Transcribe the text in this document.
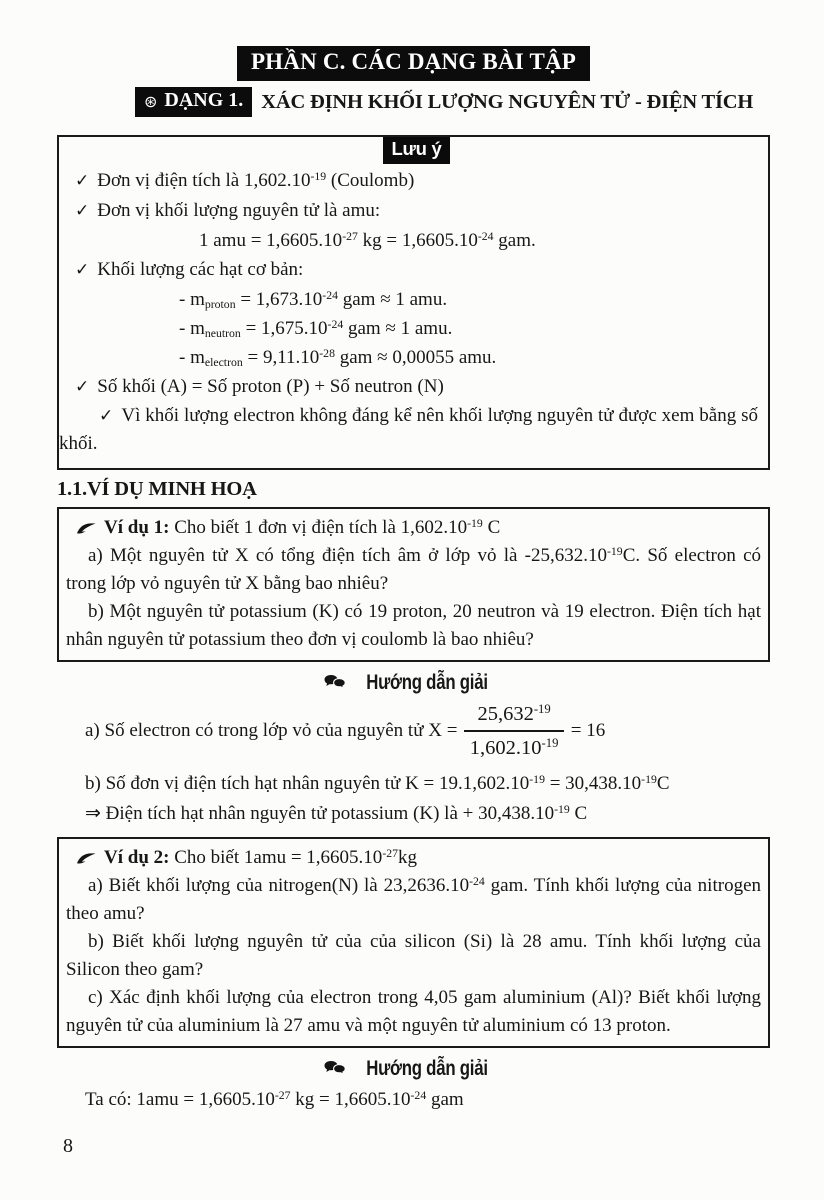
PHẦN C. CÁC DẠNG BÀI TẬP
⊛ DẠNG 1. XÁC ĐỊNH KHỐI LƯỢNG NGUYÊN TỬ - ĐIỆN TÍCH
Lưu ý
✓ Đơn vị điện tích là $1,602.10^{-19}$ (Coulomb)
✓ Đơn vị khối lượng nguyên tử là amu:
1 amu = $1,6605.10^{-27}$ kg = $1,6605.10^{-24}$ gam.
✓ Khối lượng các hạt cơ bản:
- $m_{proton} = 1,673.10^{-24}$ gam ≈ 1 amu.
- $m_{neutron} = 1,675.10^{-24}$ gam ≈ 1 amu.
- $m_{electron} = 9,11.10^{-28}$ gam ≈ 0,00055 amu.
✓ Số khối (A) = Số proton (P) + Số neutron (N)

✓ Vì khối lượng electron không đáng kể nên khối lượng nguyên tử được xem bằng số khối.

1.1.VÍ DỤ MINH HOẠ
Ví dụ 1: Cho biết 1 đơn vị điện tích là $1,602.10^{-19}$ C

a) Một nguyên tử X có tổng điện tích âm ở lớp vỏ là $-25,632.10^{-19}C$. Số electron có trong lớp vỏ nguyên tử X bằng bao nhiêu?

b) Một nguyên tử potassium (K) có 19 proton, 20 neutron và 19 electron. Điện tích hạt nhân nguyên tử potassium theo đơn vị coulomb là bao nhiêu?

Hướng dẫn giải
a) Số electron có trong lớp vỏ của nguyên tử $X = \frac{25,632^{-19}}{1,602.10^{-19}} = 16$
b) Số đơn vị điện tích hạt nhân nguyên tử $K = 19.1,602.10^{-19} = 30,438.10^{-19}C$
⇒ Điện tích hạt nhân nguyên tử potassium (K) là + $30,438.10^{-19}$ C
Ví dụ 2: Cho biết $1amu = 1,6605.10^{-27}kg$

a) Biết khối lượng của nitrogen(N) là $23,2636.10^{-24}$ gam. Tính khối lượng của nitrogen theo amu?

b) Biết khối lượng nguyên tử của của silicon (Si) là 28 amu. Tính khối lượng của Silicon theo gam?

c) Xác định khối lượng của electron trong 4,05 gam aluminium (Al)? Biết khối lượng nguyên tử của aluminium là 27 amu và một nguyên tử aluminium có 13 proton.

Hướng dẫn giải
Ta có: $1amu = 1,6605.10^{-27}$ kg = $1,6605.10^{-24}$ gam
8
